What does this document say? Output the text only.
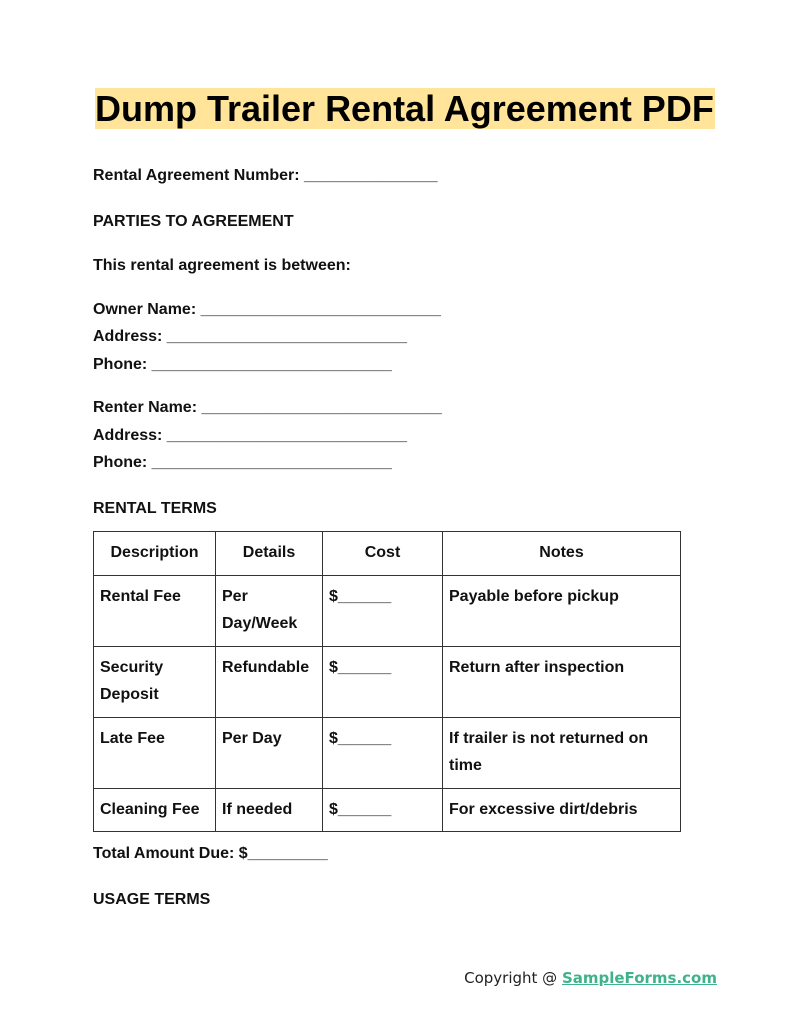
Dump Trailer Rental Agreement PDF
Rental Agreement Number: _______________
PARTIES TO AGREEMENT
This rental agreement is between:
Owner Name: ___________________________
Address: ___________________________
Phone: ___________________________
Renter Name: ___________________________
Address: ___________________________
Phone: ___________________________
RENTAL TERMS
Description	Details	Cost	Notes
Rental Fee	Per Day/Week	$______	Payable before pickup
Security Deposit	Refundable	$______	Return after inspection
Late Fee	Per Day	$______	If trailer is not returned on time
Cleaning Fee	If needed	$______	For excessive dirt/debris
Total Amount Due: $_________
USAGE TERMS
Copyright @ SampleForms.com
